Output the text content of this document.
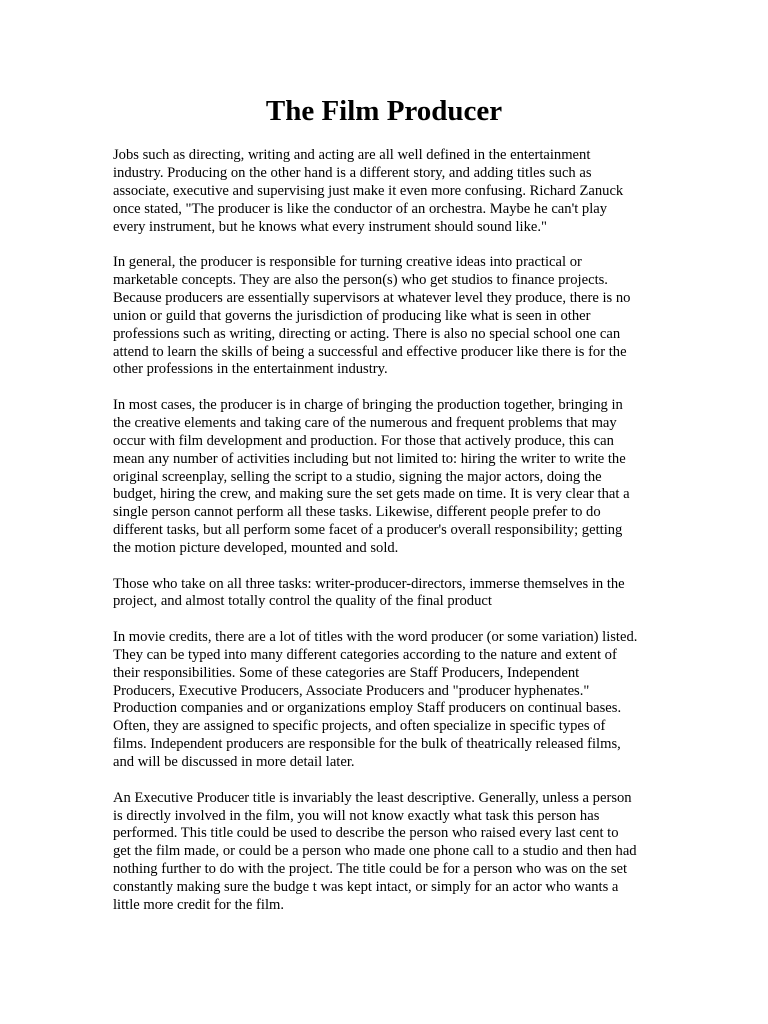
The Film Producer

Jobs such as directing, writing and acting are all well defined in the entertainment
industry. Producing on the other hand is a different story, and adding titles such as
associate, executive and supervising just make it even more confusing. Richard Zanuck
once stated, "The producer is like the conductor of an orchestra. Maybe he can't play
every instrument, but he knows what every instrument should sound like."

In general, the producer is responsible for turning creative ideas into practical or
marketable concepts. They are also the person(s) who get studios to finance projects.
Because producers are essentially supervisors at whatever level they produce, there is no
union or guild that governs the jurisdiction of producing like what is seen in other
professions such as writing, directing or acting. There is also no special school one can
attend to learn the skills of being a successful and effective producer like there is for the
other professions in the entertainment industry.

In most cases, the producer is in charge of bringing the production together, bringing in
the creative elements and taking care of the numerous and frequent problems that may
occur with film development and production. For those that actively produce, this can
mean any number of activities including but not limited to: hiring the writer to write the
original screenplay, selling the script to a studio, signing the major actors, doing the
budget, hiring the crew, and making sure the set gets made on time. It is very clear that a
single person cannot perform all these tasks. Likewise, different people prefer to do
different tasks, but all perform some facet of a producer's overall responsibility; getting
the motion picture developed, mounted and sold.

Those who take on all three tasks: writer-producer-directors, immerse themselves in the
project, and almost totally control the quality of the final product

In movie credits, there are a lot of titles with the word producer (or some variation) listed.
They can be typed into many different categories according to the nature and extent of
their responsibilities. Some of these categories are Staff Producers, Independent
Producers, Executive Producers, Associate Producers and "producer hyphenates."
Production companies and or organizations employ Staff producers on continual bases.
Often, they are assigned to specific projects, and often specialize in specific types of
films. Independent producers are responsible for the bulk of theatrically released films,
and will be discussed in more detail later.

An Executive Producer title is invariably the least descriptive. Generally, unless a person
is directly involved in the film, you will not know exactly what task this person has
performed. This title could be used to describe the person who raised every last cent to
get the film made, or could be a person who made one phone call to a studio and then had
nothing further to do with the project. The title could be for a person who was on the set
constantly making sure the budge t was kept intact, or simply for an actor who wants a
little more credit for the film.
